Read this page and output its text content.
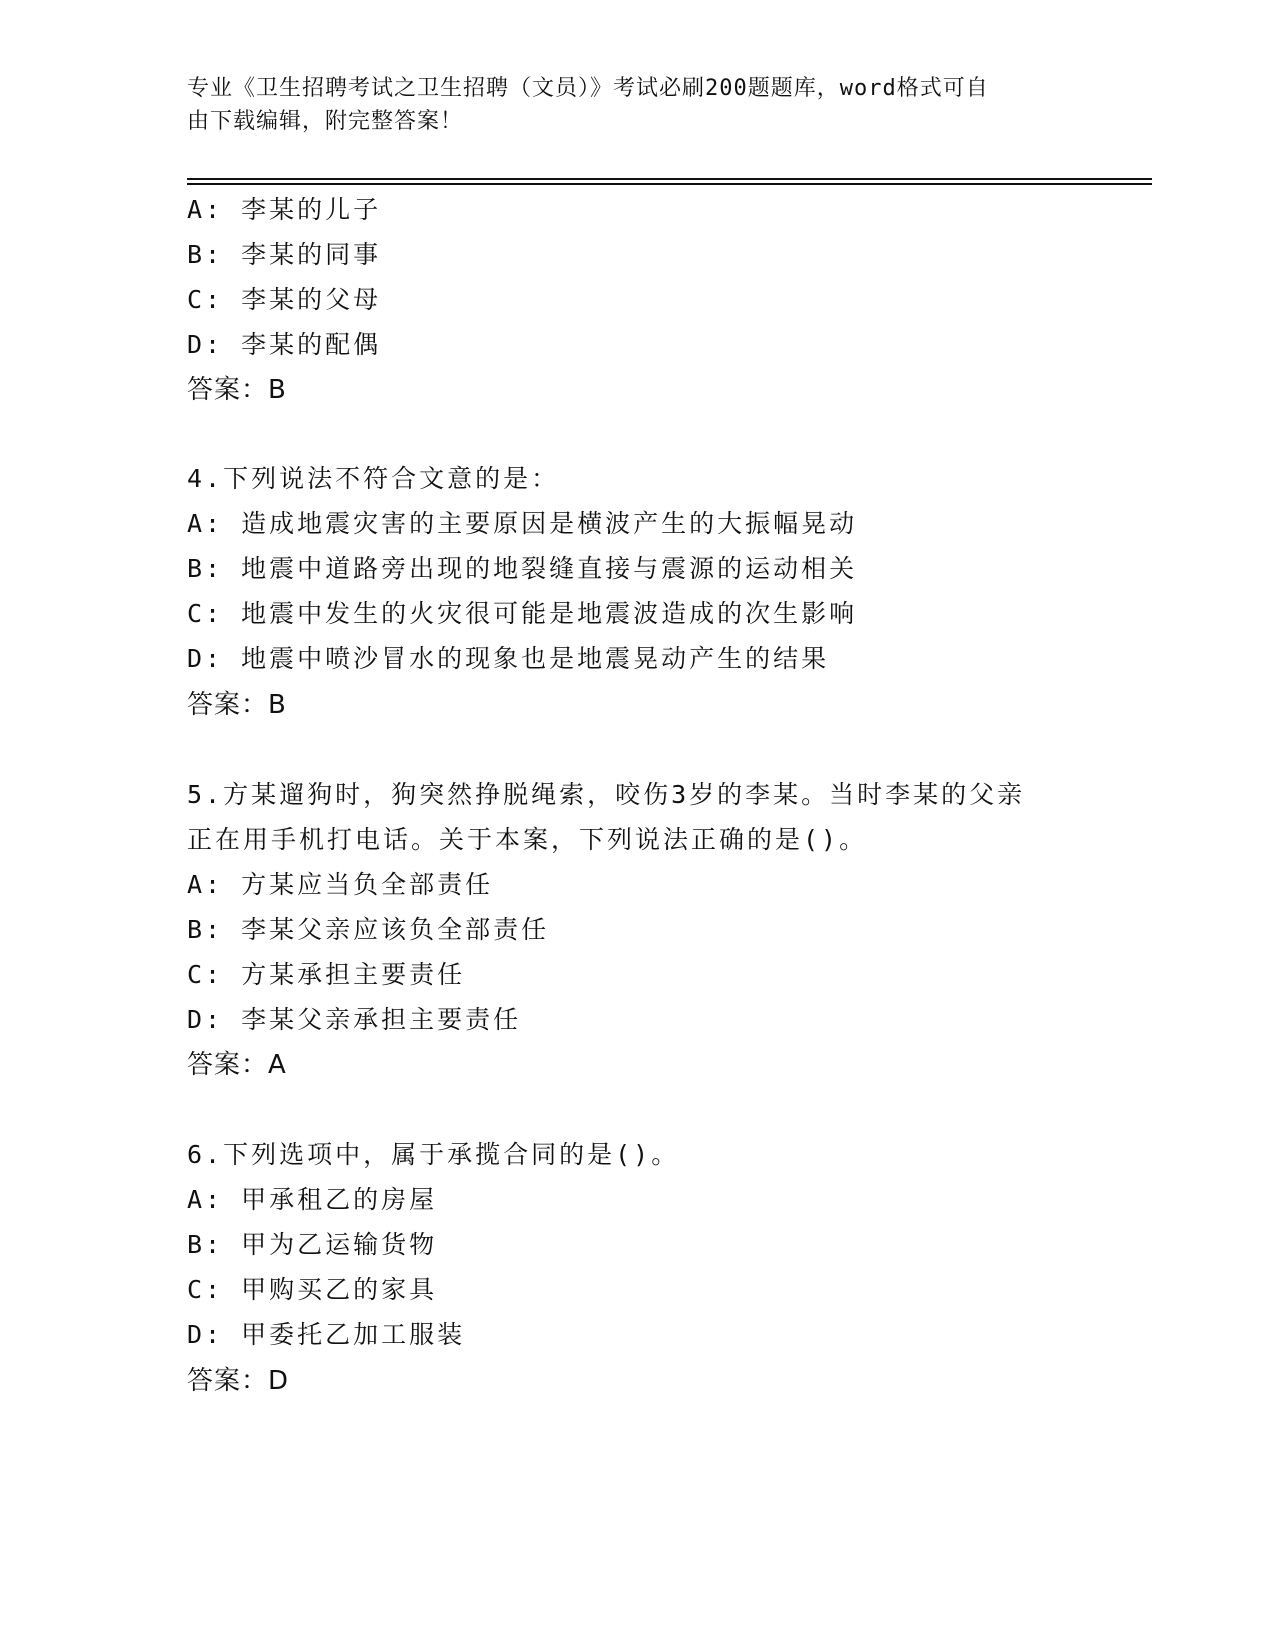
专业《卫生招聘考试之卫生招聘（文员）》考试必刷200题题库，word格式可自
由下载编辑，附完整答案！
A: 李某的儿子
B: 李某的同事
C: 李某的父母
D: 李某的配偶
答案：B
4.下列说法不符合文意的是：
A: 造成地震灾害的主要原因是横波产生的大振幅晃动
B: 地震中道路旁出现的地裂缝直接与震源的运动相关
C: 地震中发生的火灾很可能是地震波造成的次生影响
D: 地震中喷沙冒水的现象也是地震晃动产生的结果
答案：B
5.方某遛狗时，狗突然挣脱绳索，咬伤3岁的李某。当时李某的父亲
正在用手机打电话。关于本案，下列说法正确的是()。
A: 方某应当负全部责任
B: 李某父亲应该负全部责任
C: 方某承担主要责任
D: 李某父亲承担主要责任
答案：A
6.下列选项中，属于承揽合同的是()。
A: 甲承租乙的房屋
B: 甲为乙运输货物
C: 甲购买乙的家具
D: 甲委托乙加工服装
答案：D
